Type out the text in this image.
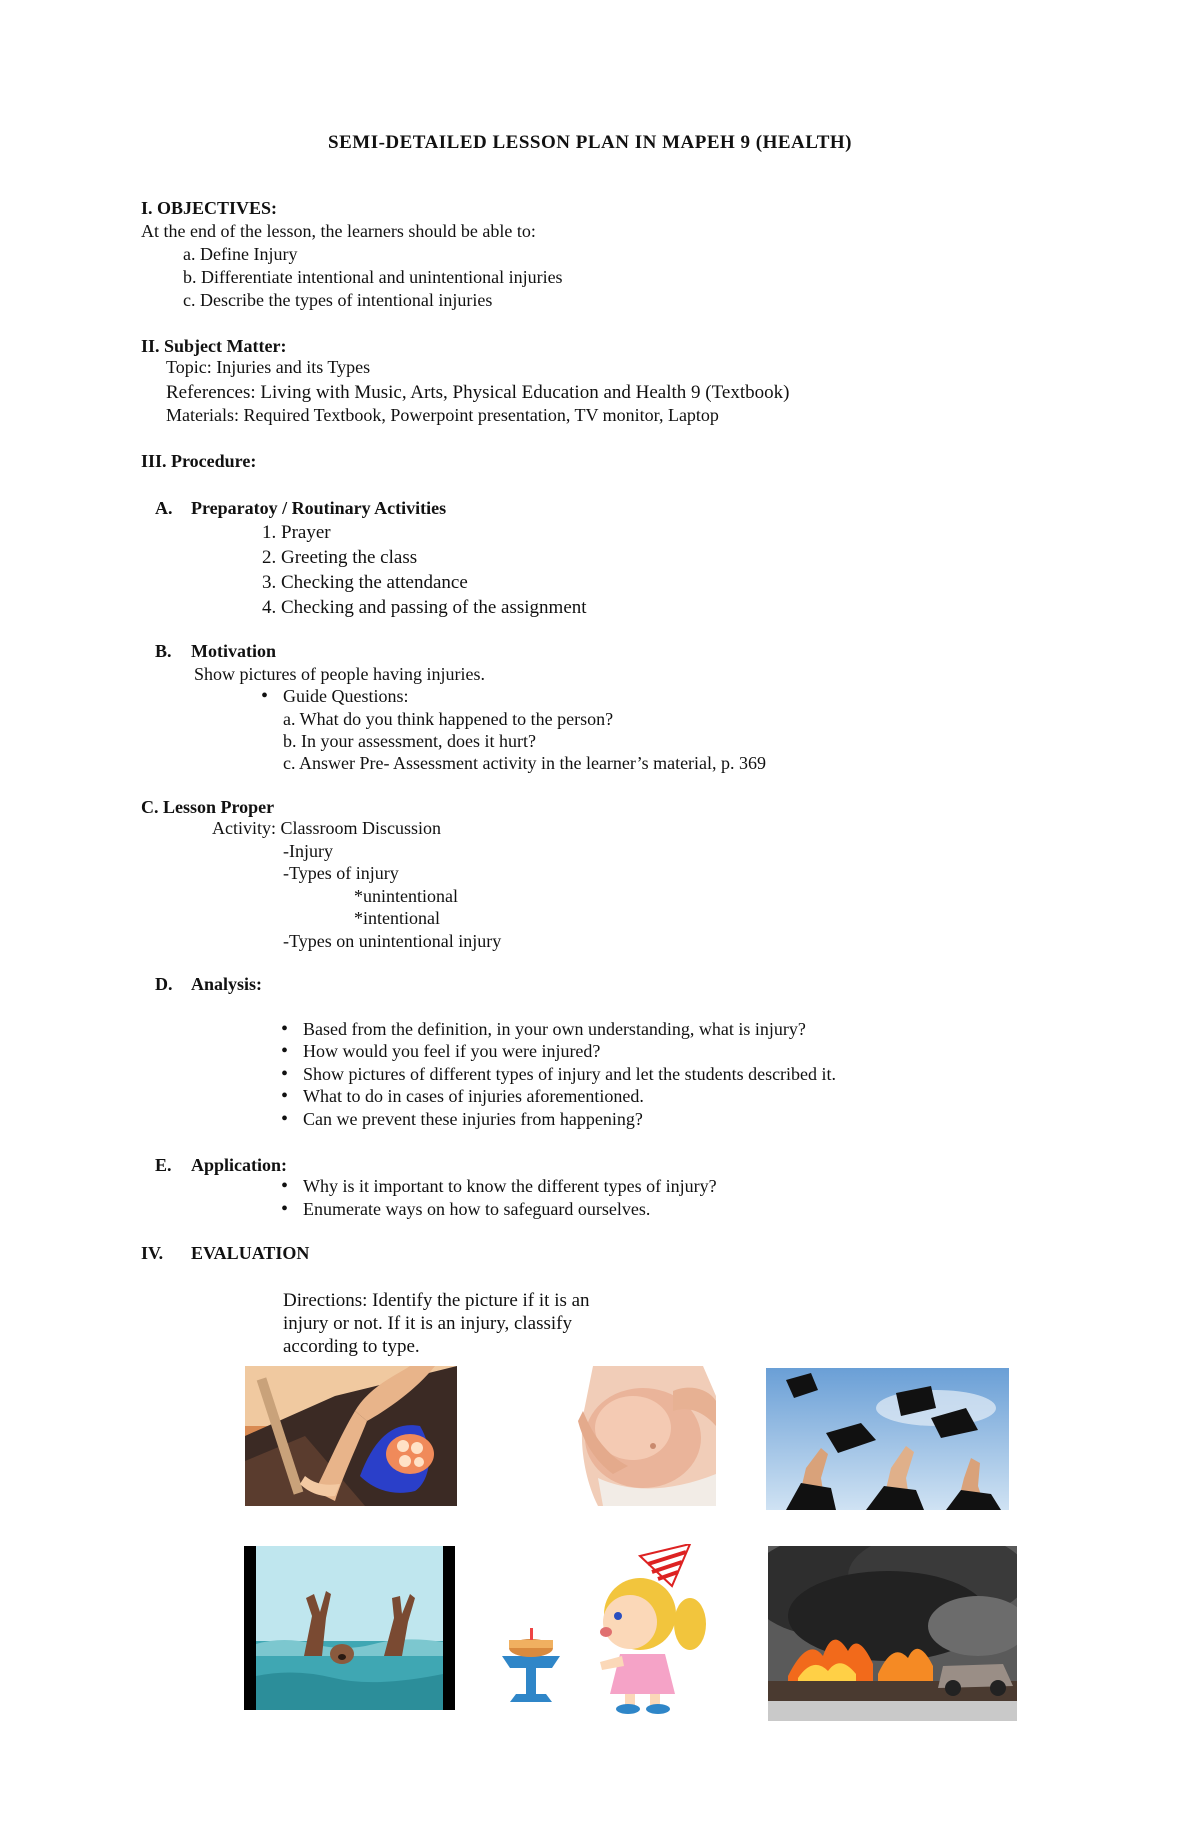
SEMI-DETAILED LESSON PLAN IN MAPEH 9 (HEALTH)
I. OBJECTIVES:
At the end of the lesson, the learners should be able to:
a. Define Injury
b. Differentiate intentional and unintentional injuries
c. Describe the types of intentional injuries
II. Subject Matter:
Topic: Injuries and its Types
References: Living with Music, Arts, Physical Education and Health 9 (Textbook)
Materials: Required Textbook, Powerpoint presentation, TV monitor, Laptop
III. Procedure:
A. Preparatoy / Routinary Activities
1. Prayer
2. Greeting the class
3. Checking the attendance
4. Checking and passing of the assignment
B. Motivation
Show pictures of people having injuries.
• Guide Questions:
a. What do you think happened to the person?
b. In your assessment, does it hurt?
c. Answer Pre- Assessment activity in the learner’s material, p. 369
C. Lesson Proper
Activity: Classroom Discussion
-Injury
-Types of injury
*unintentional
*intentional
-Types on unintentional injury
D. Analysis:
• Based from the definition, in your own understanding, what is injury?
• How would you feel if you were injured?
• Show pictures of different types of injury and let the students described it.
• What to do in cases of injuries aforementioned.
• Can we prevent these injuries from happening?
E. Application:
• Why is it important to know the different types of injury?
• Enumerate ways on how to safeguard ourselves.
IV. EVALUATION
Directions: Identify the picture if it is an
injury or not. If it is an injury, classify
according to type.
